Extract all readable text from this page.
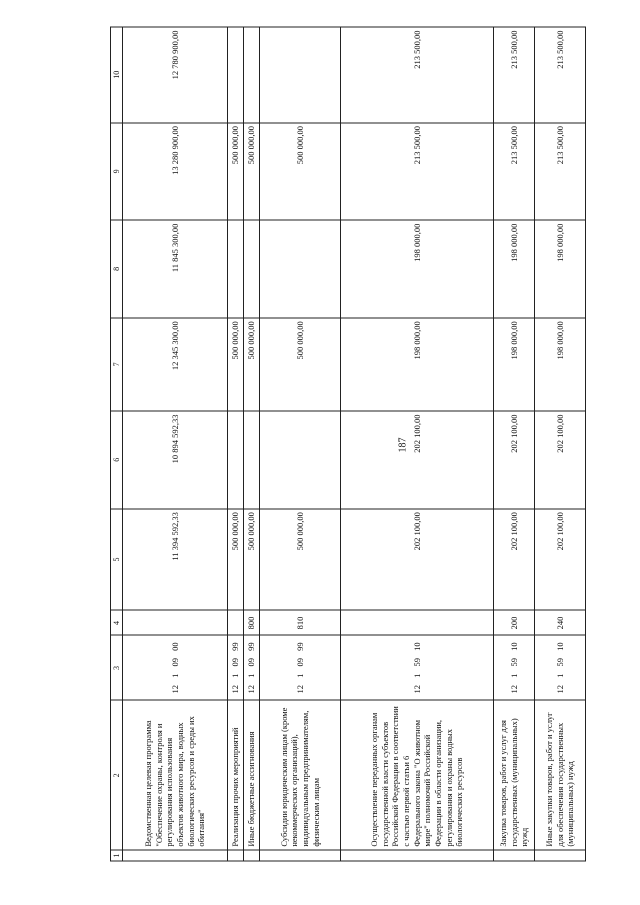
187
1	2	3	4	5	6	7	8	9	10
	Ведомственная целевая программа "Обеспечение охраны, контроля и регулирования использования объектов животного мира, водных биологических ресурсов и среды их обитания"	12 1 09 00		11 394 592,33	10 894 592,33	12 345 300,00	11 845 300,00	13 280 900,00	12 780 900,00
	Реализация прочих мероприятий	12 1 09 99		500 000,00		500 000,00		500 000,00	
	Иные бюджетные ассигнования	12 1 09 99	800	500 000,00		500 000,00		500 000,00	
	Субсидии юридическим лицам (кроме некоммерческих организаций), индивидуальным предпринимателям, физическим лицам	12 1 09 99	810	500 000,00		500 000,00		500 000,00	
	Осуществление переданных органам государственной власти субъектов Российской Федерации в соответствии с частью первой статьи 6 Федерального закона "О животном мире" полномочий Российской Федерации в области организации, регулирования и охраны водных биологических ресурсов	12 1 59 10		202 100,00	202 100,00	198 000,00	198 000,00	213 500,00	213 500,00
	Закупка товаров, работ и услуг для государственных (муниципальных) нужд	12 1 59 10	200	202 100,00	202 100,00	198 000,00	198 000,00	213 500,00	213 500,00
	Иные закупки товаров, работ и услуг для обеспечения государственных (муниципальных) нужд	12 1 59 10	240	202 100,00	202 100,00	198 000,00	198 000,00	213 500,00	213 500,00
